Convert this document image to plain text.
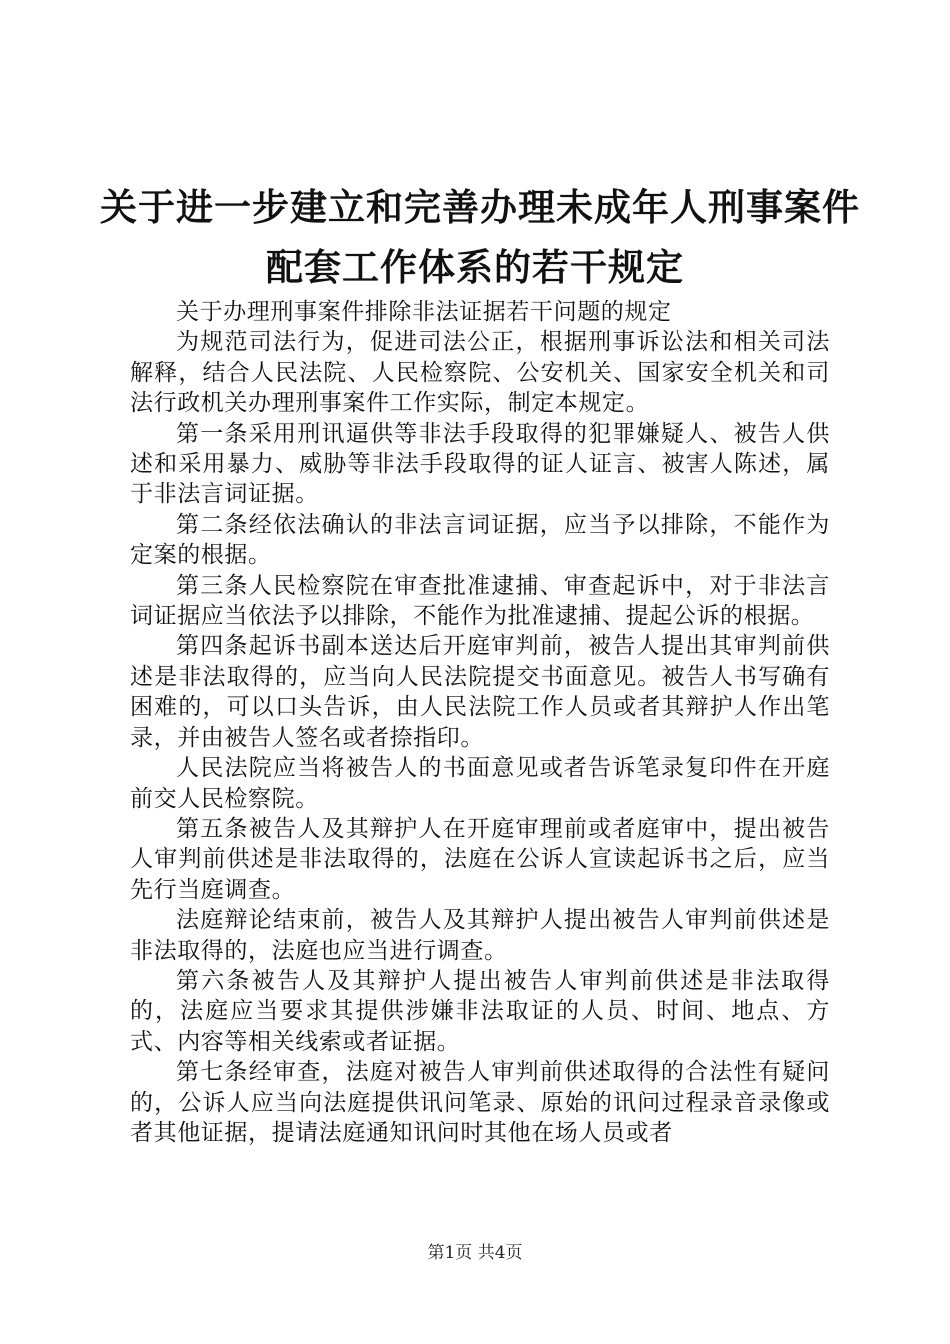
关于进一步建立和完善办理未成年人刑事案件
配套工作体系的若干规定

关于办理刑事案件排除非法证据若干问题的规定

为规范司法行为，促进司法公正，根据刑事诉讼法和相关司法解释，结合人民法院、人民检察院、公安机关、国家安全机关和司法行政机关办理刑事案件工作实际，制定本规定。

第一条采用刑讯逼供等非法手段取得的犯罪嫌疑人、被告人供述和采用暴力、威胁等非法手段取得的证人证言、被害人陈述，属于非法言词证据。

第二条经依法确认的非法言词证据，应当予以排除，不能作为定案的根据。

第三条人民检察院在审查批准逮捕、审查起诉中，对于非法言词证据应当依法予以排除，不能作为批准逮捕、提起公诉的根据。

第四条起诉书副本送达后开庭审判前，被告人提出其审判前供述是非法取得的，应当向人民法院提交书面意见。被告人书写确有困难的，可以口头告诉，由人民法院工作人员或者其辩护人作出笔录，并由被告人签名或者捺指印。

人民法院应当将被告人的书面意见或者告诉笔录复印件在开庭前交人民检察院。

第五条被告人及其辩护人在开庭审理前或者庭审中，提出被告人审判前供述是非法取得的，法庭在公诉人宣读起诉书之后，应当先行当庭调查。

法庭辩论结束前，被告人及其辩护人提出被告人审判前供述是非法取得的，法庭也应当进行调查。

第六条被告人及其辩护人提出被告人审判前供述是非法取得的，法庭应当要求其提供涉嫌非法取证的人员、时间、地点、方式、内容等相关线索或者证据。

第七条经审查，法庭对被告人审判前供述取得的合法性有疑问的，公诉人应当向法庭提供讯问笔录、原始的讯问过程录音录像或者其他证据，提请法庭通知讯问时其他在场人员或者

第1页 共4页
